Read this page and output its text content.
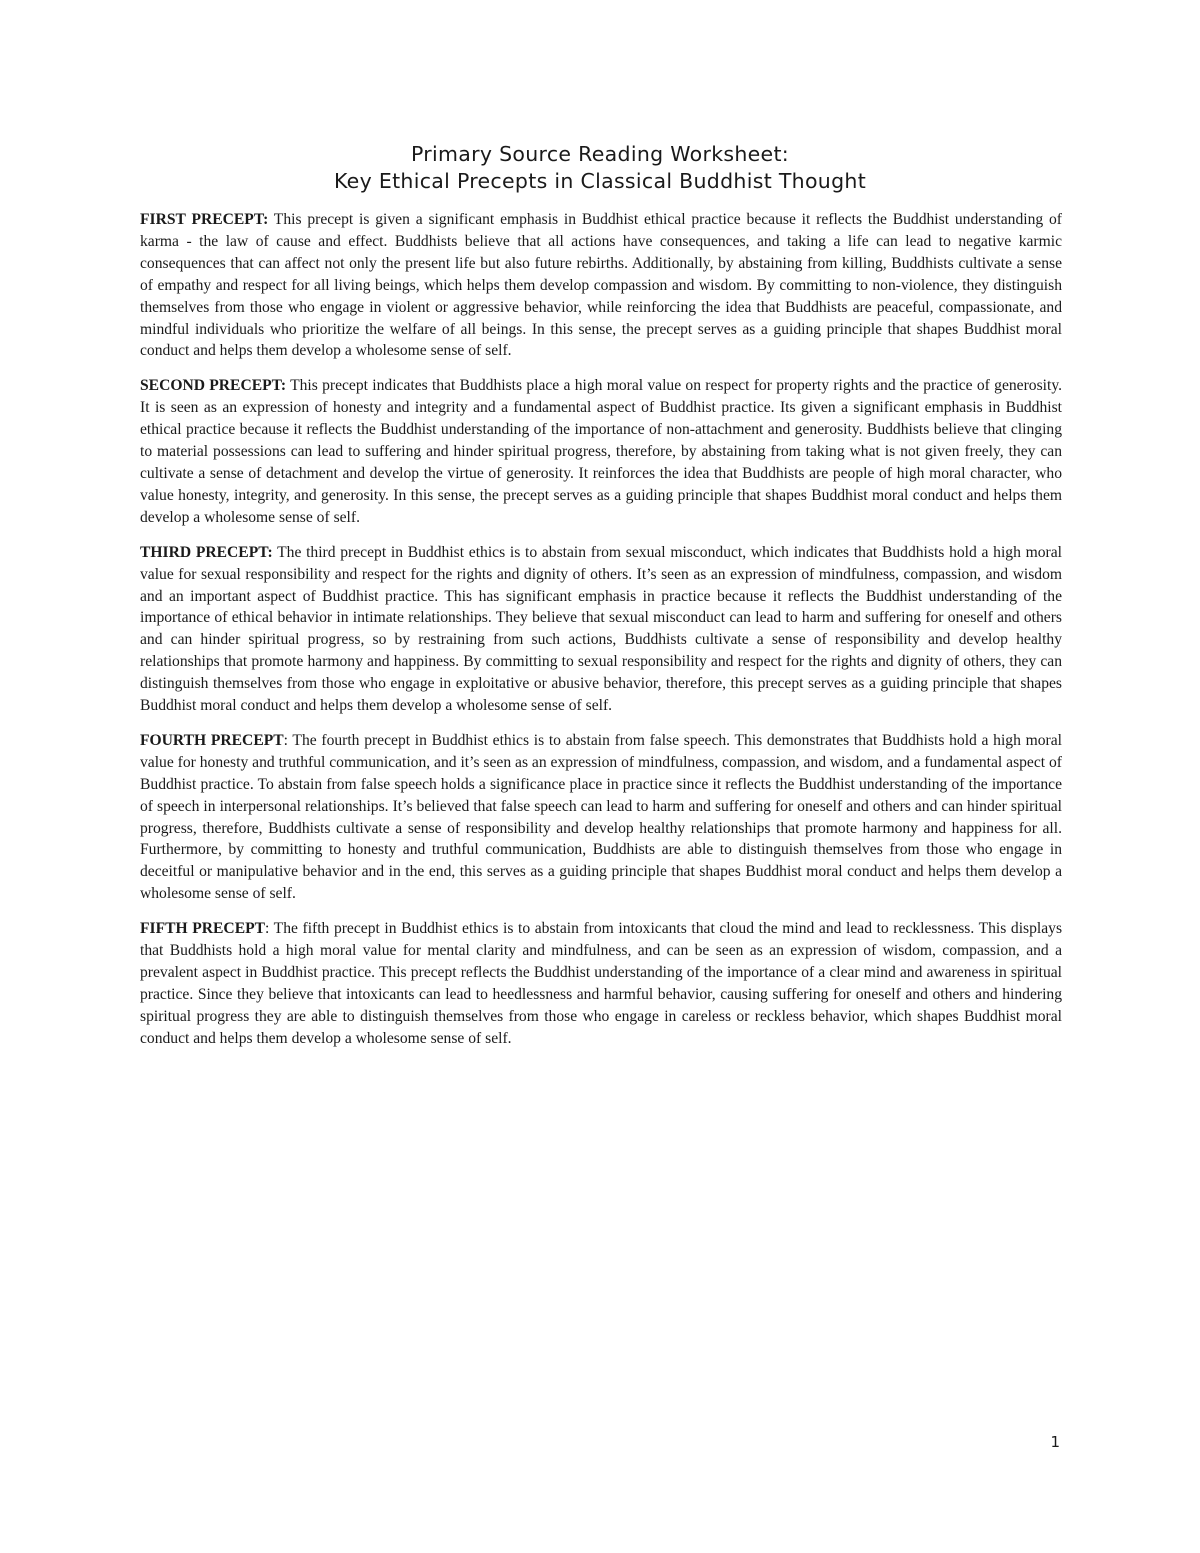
Primary Source Reading Worksheet:
Key Ethical Precepts in Classical Buddhist Thought

FIRST PRECEPT: This precept is given a significant emphasis in Buddhist ethical practice because it reflects the Buddhist understanding of karma - the law of cause and effect. Buddhists believe that all actions have consequences, and taking a life can lead to negative karmic consequences that can affect not only the present life but also future rebirths. Additionally, by abstaining from killing, Buddhists cultivate a sense of empathy and respect for all living beings, which helps them develop compassion and wisdom. By committing to non-violence, they distinguish themselves from those who engage in violent or aggressive behavior, while reinforcing the idea that Buddhists are peaceful, compassionate, and mindful individuals who prioritize the welfare of all beings. In this sense, the precept serves as a guiding principle that shapes Buddhist moral conduct and helps them develop a wholesome sense of self.

SECOND PRECEPT: This precept indicates that Buddhists place a high moral value on respect for property rights and the practice of generosity. It is seen as an expression of honesty and integrity and a fundamental aspect of Buddhist practice. Its given a significant emphasis in Buddhist ethical practice because it reflects the Buddhist understanding of the importance of non-attachment and generosity. Buddhists believe that clinging to material possessions can lead to suffering and hinder spiritual progress, therefore, by abstaining from taking what is not given freely, they can cultivate a sense of detachment and develop the virtue of generosity. It reinforces the idea that Buddhists are people of high moral character, who value honesty, integrity, and generosity. In this sense, the precept serves as a guiding principle that shapes Buddhist moral conduct and helps them develop a wholesome sense of self.

THIRD PRECEPT: The third precept in Buddhist ethics is to abstain from sexual misconduct, which indicates that Buddhists hold a high moral value for sexual responsibility and respect for the rights and dignity of others. It’s seen as an expression of mindfulness, compassion, and wisdom and an important aspect of Buddhist practice. This has significant emphasis in practice because it reflects the Buddhist understanding of the importance of ethical behavior in intimate relationships. They believe that sexual misconduct can lead to harm and suffering for oneself and others and can hinder spiritual progress, so by restraining from such actions, Buddhists cultivate a sense of responsibility and develop healthy relationships that promote harmony and happiness. By committing to sexual responsibility and respect for the rights and dignity of others, they can distinguish themselves from those who engage in exploitative or abusive behavior, therefore, this precept serves as a guiding principle that shapes Buddhist moral conduct and helps them develop a wholesome sense of self.

FOURTH PRECEPT: The fourth precept in Buddhist ethics is to abstain from false speech. This demonstrates that Buddhists hold a high moral value for honesty and truthful communication, and it’s seen as an expression of mindfulness, compassion, and wisdom, and a fundamental aspect of Buddhist practice. To abstain from false speech holds a significance place in practice since it reflects the Buddhist understanding of the importance of speech in interpersonal relationships. It’s believed that false speech can lead to harm and suffering for oneself and others and can hinder spiritual progress, therefore, Buddhists cultivate a sense of responsibility and develop healthy relationships that promote harmony and happiness for all. Furthermore, by committing to honesty and truthful communication, Buddhists are able to distinguish themselves from those who engage in deceitful or manipulative behavior and in the end, this serves as a guiding principle that shapes Buddhist moral conduct and helps them develop a wholesome sense of self.

FIFTH PRECEPT: The fifth precept in Buddhist ethics is to abstain from intoxicants that cloud the mind and lead to recklessness. This displays that Buddhists hold a high moral value for mental clarity and mindfulness, and can be seen as an expression of wisdom, compassion, and a prevalent aspect in Buddhist practice. This precept reflects the Buddhist understanding of the importance of a clear mind and awareness in spiritual practice. Since they believe that intoxicants can lead to heedlessness and harmful behavior, causing suffering for oneself and others and hindering spiritual progress they are able to distinguish themselves from those who engage in careless or reckless behavior, which shapes Buddhist moral conduct and helps them develop a wholesome sense of self.

1
